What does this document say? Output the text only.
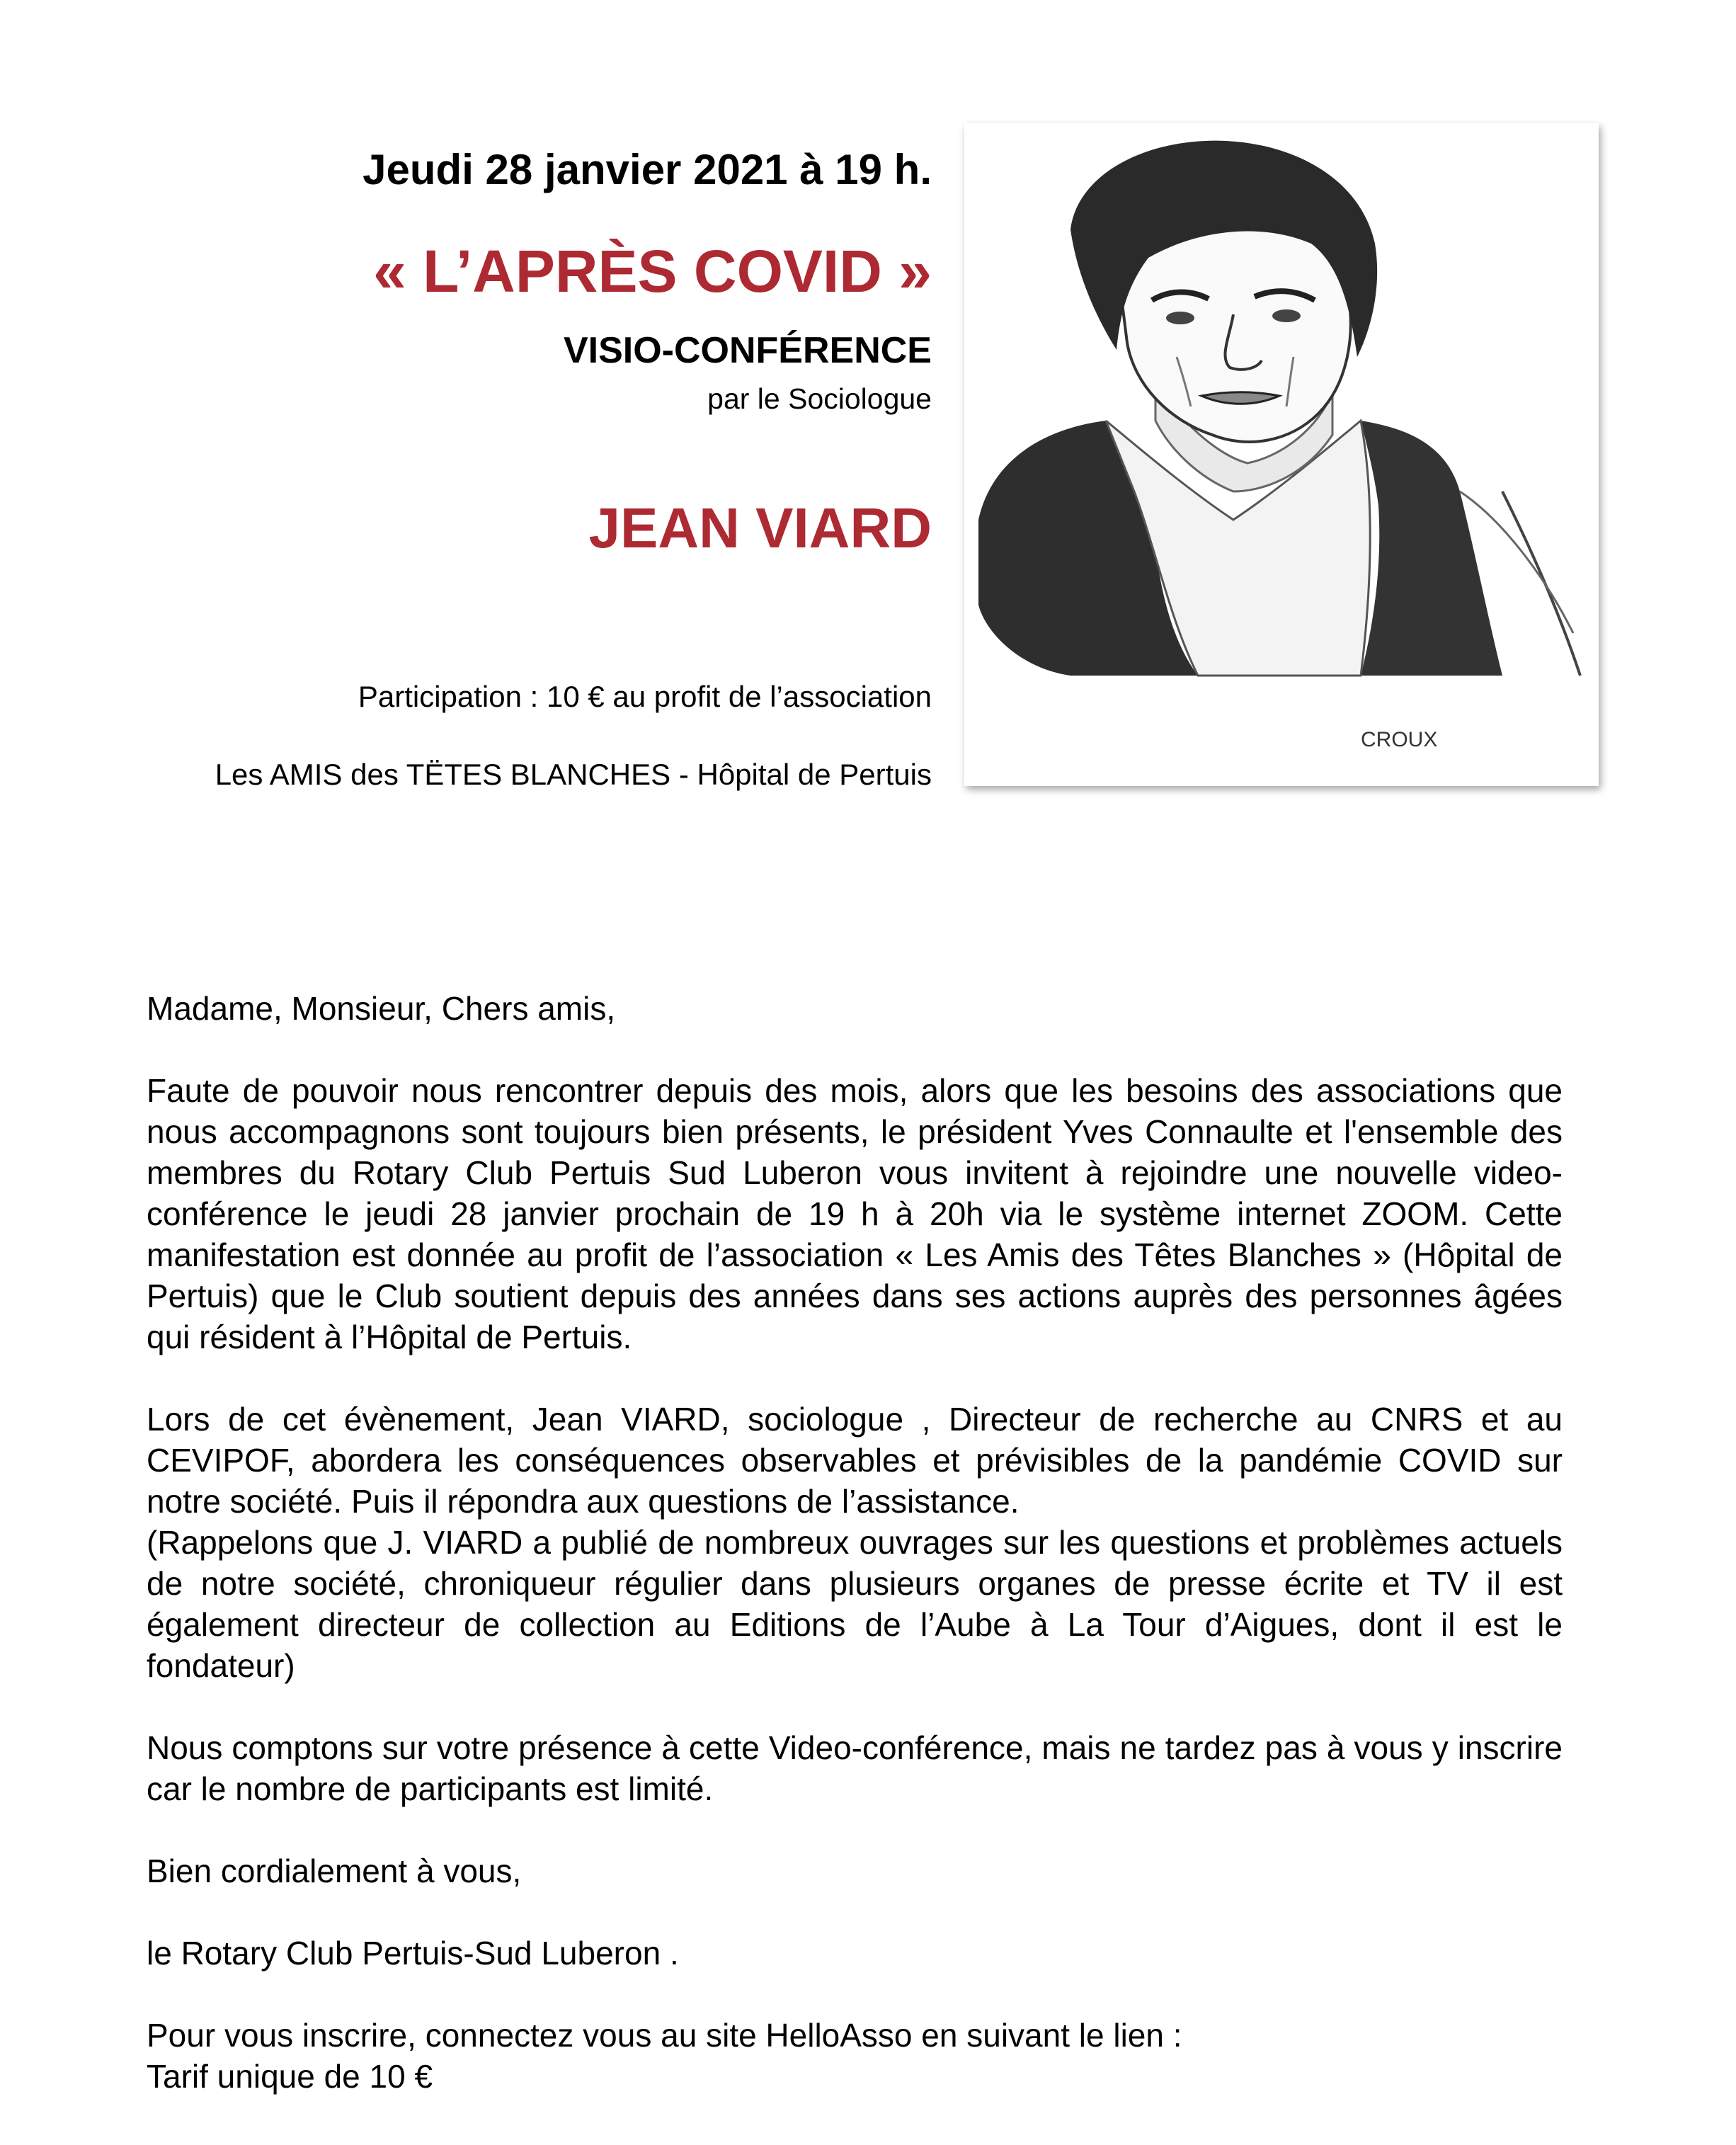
Jeudi 28 janvier 2021 à 19 h.
« L’APRÈS COVID »
VISIO-CONFÉRENCE
par le Sociologue
JEAN VIARD
Participation : 10 € au profit de l’association
Les AMIS des TËTES BLANCHES - Hôpital de Pertuis
CROUX

Madame, Monsieur, Chers amis,

Faute de pouvoir nous rencontrer depuis des mois, alors que les besoins des associations que nous accompagnons sont toujours bien présents, le président Yves Connaulte et l'ensemble des membres du Rotary Club Pertuis Sud Luberon vous invitent à rejoindre une nouvelle video-conférence le jeudi 28 janvier prochain de 19 h à 20h via le système internet ZOOM. Cette manifestation est donnée au profit de l’association « Les Amis des Têtes Blanches » (Hôpital de Pertuis) que le Club soutient depuis des années dans ses actions auprès des personnes âgées qui résident à l’Hôpital de Pertuis.

Lors de cet évènement, Jean VIARD, sociologue , Directeur de recherche au CNRS et au CEVIPOF, abordera les conséquences observables et prévisibles de la pandémie COVID sur notre société. Puis il répondra aux questions de l’assistance.

(Rappelons que J. VIARD a publié de nombreux ouvrages sur les questions et problèmes actuels de notre société, chroniqueur régulier dans plusieurs organes de presse écrite et TV il est également directeur de collection au Editions de l’Aube à La Tour d’Aigues, dont il est le fondateur)

Nous comptons sur votre présence à cette Video-conférence, mais ne tardez pas à vous y inscrire car le nombre de participants est limité.

Bien cordialement à vous,

le Rotary Club Pertuis-Sud Luberon .

Pour vous inscrire, connectez vous au site HelloAsso en suivant le lien :

Tarif unique de 10 €
